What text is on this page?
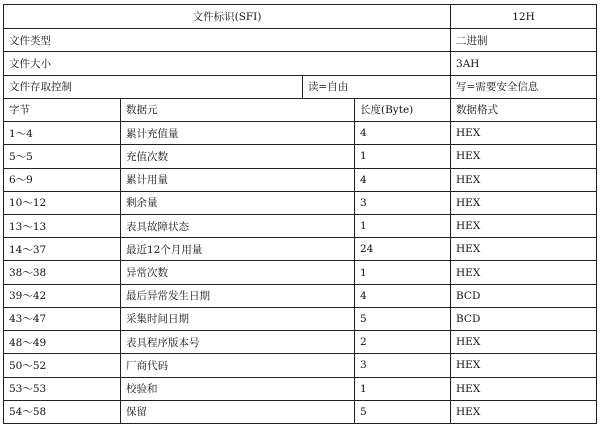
文件标识(SFI)				12H
文件类型				二进制
文件大小				3AH
文件存取控制		读=自由		写=需要安全信息
字节	数据元		长度(Byte)	数据格式
1～4	累计充值量		4	HEX
5～5	充值次数		1	HEX
6～9	累计用量		4	HEX
10～12	剩余量		3	HEX
13～13	表具故障状态		1	HEX
14～37	最近12个月用量		24	HEX
38～38	异常次数		1	HEX
39～42	最后异常发生日期		4	BCD
43～47	采集时间日期		5	BCD
48～49	表具程序版本号		2	HEX
50～52	厂商代码		3	HEX
53～53	校验和		1	HEX
54～58	保留		5	HEX
